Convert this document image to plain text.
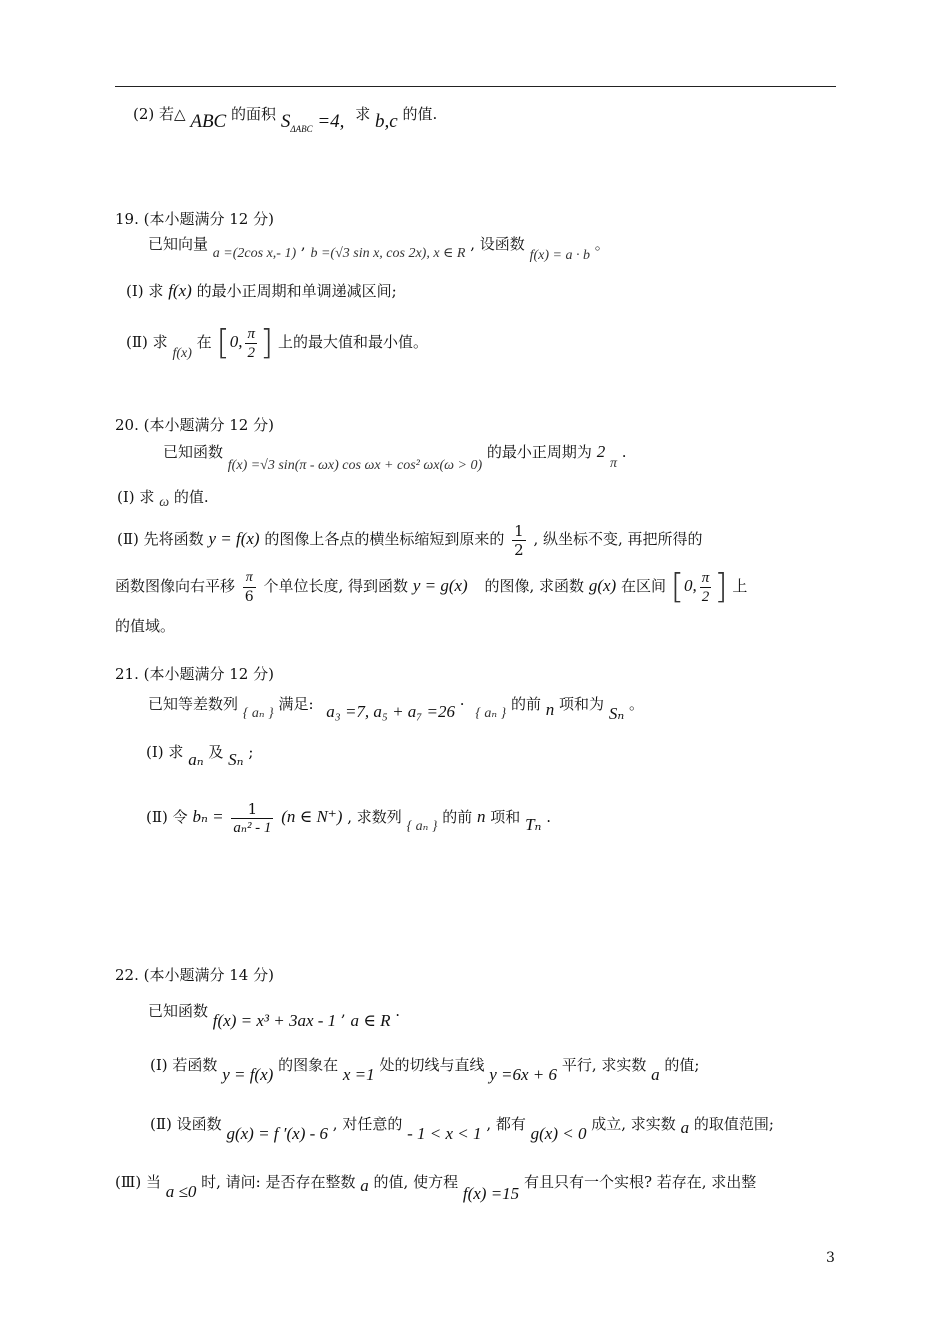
(2) 若△ ABC 的面积 $S_{\Delta ABC} =4$, 求 b,c 的值.
19. (本小题满分 12 分)
已知向量 a =(2cos x,- 1) , b =(√3 sin x, cos 2x), x ∈ R , 设函数 f(x) = a · b 。
(Ⅰ) 求 f(x) 的最小正周期和单调递减区间;
(Ⅱ) 求 f(x) 在 [0, $\frac{\pi}{2}$ ] 上的最大值和最小值。
20. (本小题满分 12 分)
已知函数 f(x) =√3 sin(π - ωx) cos ωx + cos² ωx(ω > 0) 的最小正周期为 2 π .
(Ⅰ) 求 ω 的值.
(Ⅱ) 先将函数 y = f(x) 的图像上各点的横坐标缩短到原来的 $\frac{1}{2}$ , 纵坐标不变, 再把所得的
函数图像向右平移 $\frac{\pi}{6}$ 个单位长度, 得到函数 y = g(x) 的图像, 求函数 g(x) 在区间 [0, $\frac{\pi}{2}$ ] 上
的值域。
21. (本小题满分 12 分)
已知等差数列 { aₙ } 满足: a₃ =7, a₅ + a₇ =26 · { aₙ } 的前 n 项和为 Sₙ 。
(Ⅰ) 求 aₙ 及 Sₙ ;
(Ⅱ) 令 $b_n = \frac{1}{\text{aₙ² - 1}} (n$ ∈ N⁺) , 求数列 { aₙ } 的前 n 项和 Tₙ .
22. (本小题满分 14 分)
已知函数 f(x) = x³ + 3ax - 1 , a ∈ R .
(Ⅰ) 若函数 y = f(x) 的图象在 x =1 处的切线与直线 y =6x + 6 平行, 求实数 a 的值;
(Ⅱ) 设函数 g(x) = f ′(x) - 6 , 对任意的 - 1 < x < 1 , 都有 g(x) < 0 成立, 求实数 a 的取值范围;
(Ⅲ) 当 a ≤0 时, 请问: 是否存在整数 a 的值, 使方程 f(x) =15 有且只有一个实根? 若存在, 求出整
3
